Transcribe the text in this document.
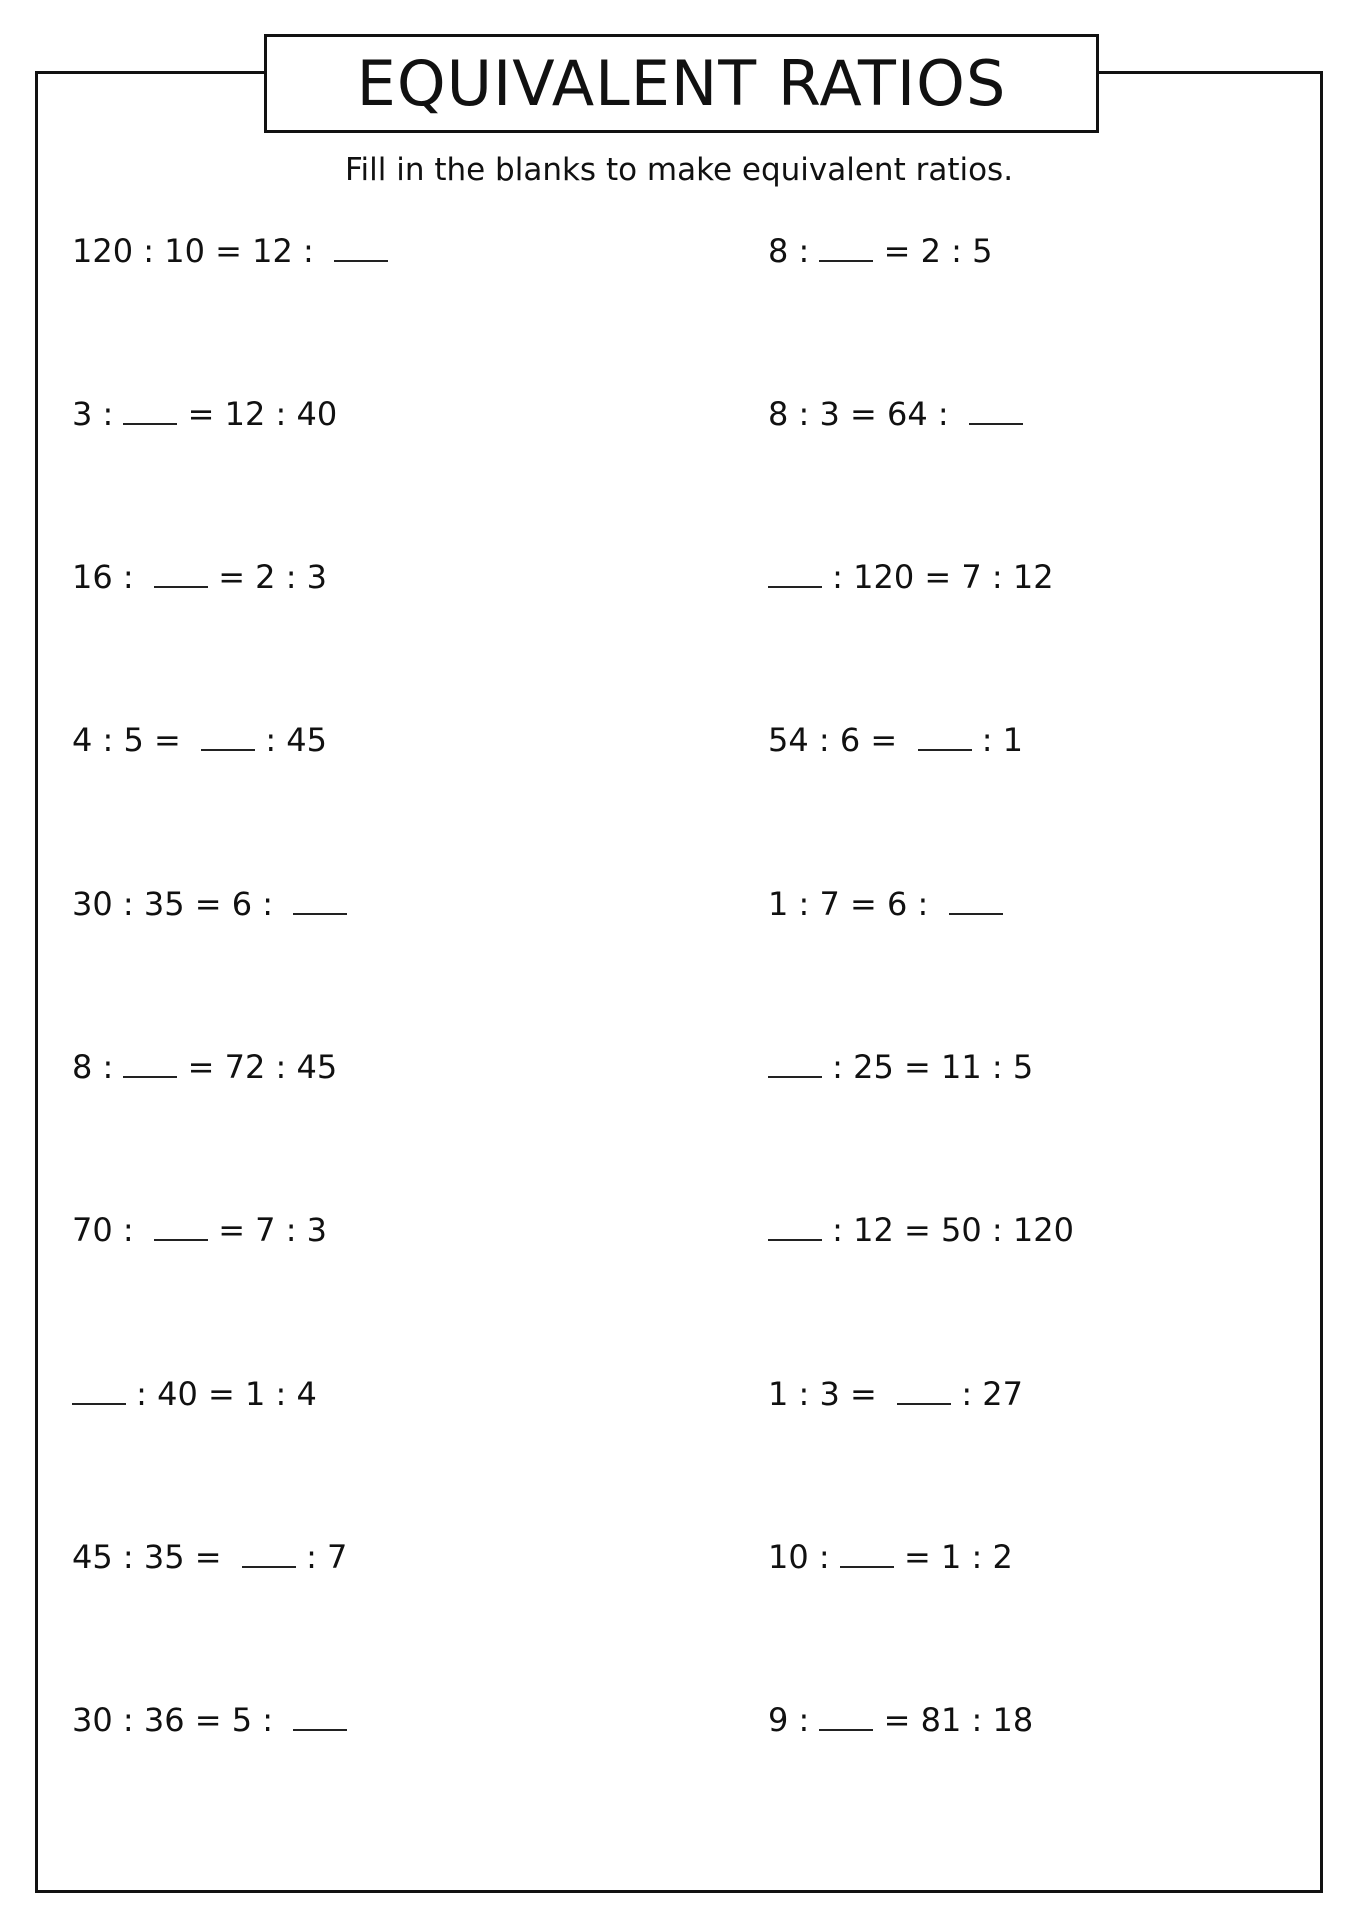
EQUIVALENT RATIOS

Fill in the blanks to make equivalent ratios.

120 : 10 = 12 :
3 :  = 12 : 40
16 :   = 2 : 3
4 : 5 =   : 45
30 : 35 = 6 :
8 :  = 72 : 45
70 :   = 7 : 3
: 40 = 1 : 4
45 : 35 =   : 7
30 : 36 = 5 :
8 :  = 2 : 5
8 : 3 = 64 :
: 120 = 7 : 12
54 : 6 =   : 1
1 : 7 = 6 :
: 25 = 11 : 5
: 12 = 50 : 120
1 : 3 =   : 27
10 :  = 1 : 2
9 :  = 81 : 18
